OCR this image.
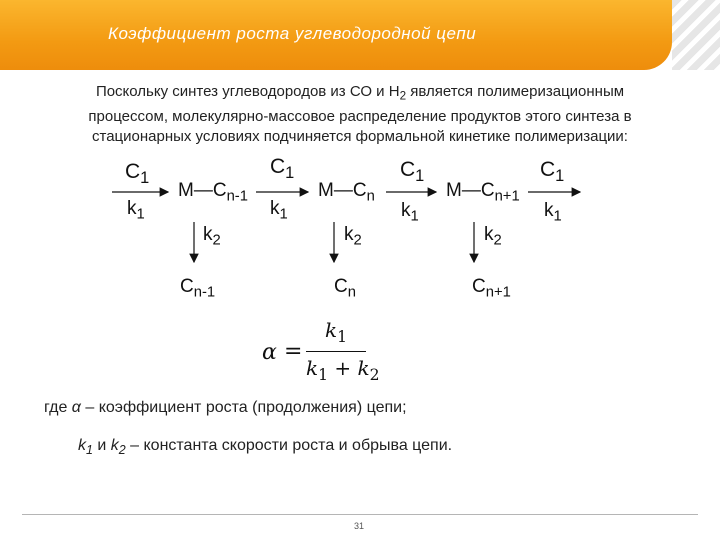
Коэффициент роста углеводородной цепи
Поскольку синтез углеводородов из СО и $Н_2$ является полимеризационным
процессом, молекулярно-массовое распределение продуктов этого синтеза в
стационарных условиях подчиняется формальной кинетике полимеризации:
$C_1$
$k_1$
$C_1$
$k_1$
$C_1$
$k_1$
$C_1$
$k_1$
$M―C_{n-1}$	$M―C_n$	$M―C_{n+1}$
$k_2$	$k_2$	$k_2$
$C_{n-1}$	$C_n$	$C_{n+1}$
α =
$k_1$
$k_1 + k_2$
где α – коэффициент роста (продолжения) цепи;
$k_1$ и $k_2$ – константа скорости роста и обрыва цепи.
31
